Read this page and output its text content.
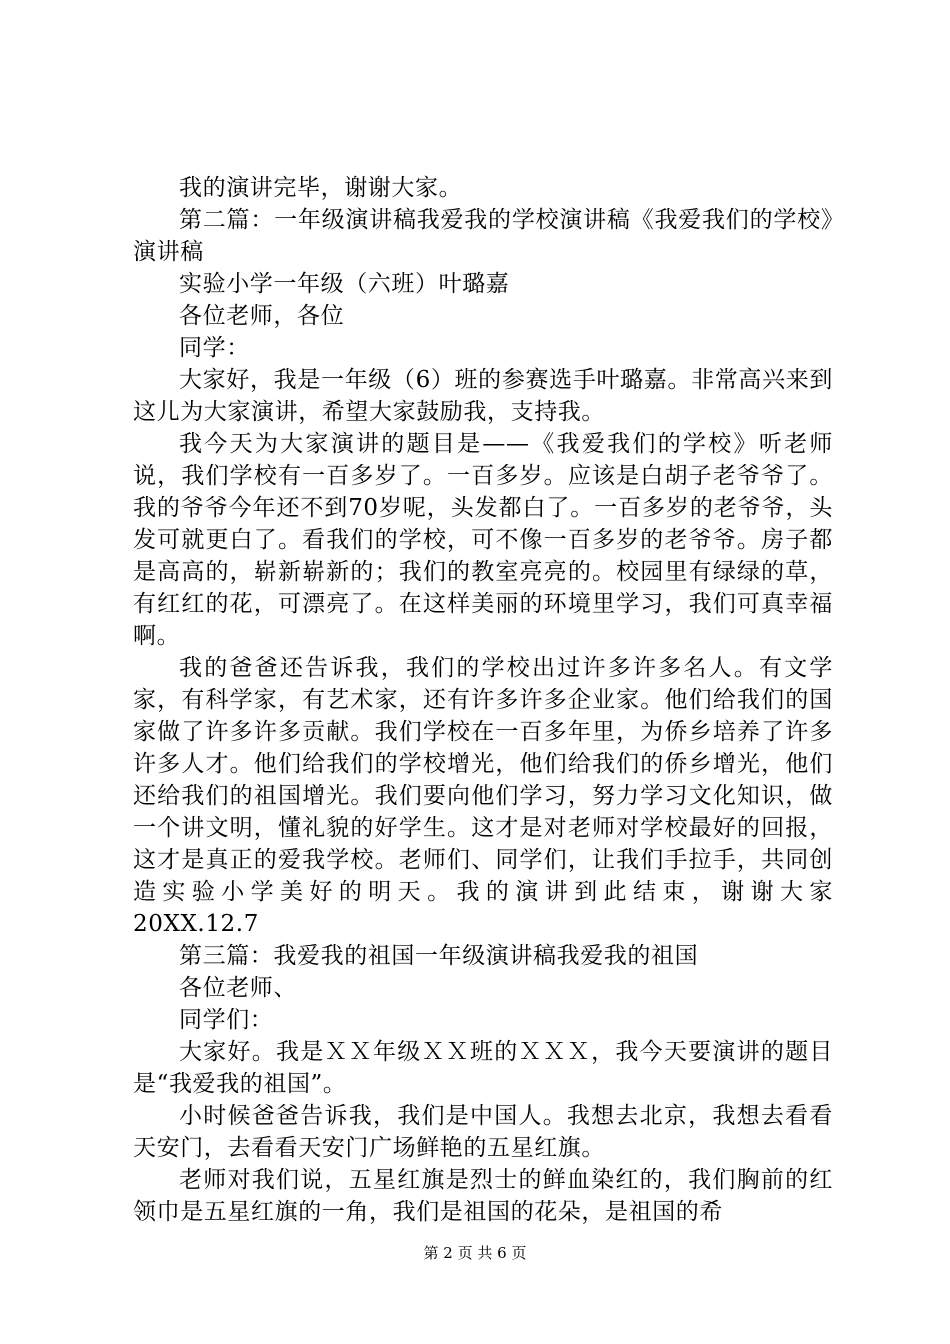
我的演讲完毕，谢谢大家。

第二篇：一年级演讲稿我爱我的学校演讲稿《我爱我们的学校》演讲稿

实验小学一年级（六班）叶璐嘉

各位老师，各位

同学：

大家好，我是一年级（6）班的参赛选手叶璐嘉。非常高兴来到这儿为大家演讲，希望大家鼓励我，支持我。

我今天为大家演讲的题目是——《我爱我们的学校》听老师说，我们学校有一百多岁了。一百多岁。应该是白胡子老爷爷了。我的爷爷今年还不到70岁呢，头发都白了。一百多岁的老爷爷，头发可就更白了。看我们的学校，可不像一百多岁的老爷爷。房子都是高高的，崭新崭新的；我们的教室亮亮的。校园里有绿绿的草，有红红的花，可漂亮了。在这样美丽的环境里学习，我们可真幸福啊。

我的爸爸还告诉我，我们的学校出过许多许多名人。有文学家，有科学家，有艺术家，还有许多许多企业家。他们给我们的国家做了许多许多贡献。我们学校在一百多年里，为侨乡培养了许多许多人才。他们给我们的学校增光，他们给我们的侨乡增光，他们还给我们的祖国增光。我们要向他们学习，努力学习文化知识，做一个讲文明，懂礼貌的好学生。这才是对老师对学校最好的回报，这才是真正的爱我学校。老师们、同学们，让我们手拉手，共同创造实验小学美好的明天。我的演讲到此结束，谢谢大家 20XX.12.7

第三篇：我爱我的祖国一年级演讲稿我爱我的祖国

各位老师、

同学们：

大家好。我是ＸＸ年级ＸＸ班的ＸＸＸ，我今天要演讲的题目是“我爱我的祖国”。

小时候爸爸告诉我，我们是中国人。我想去北京，我想去看看天安门，去看看天安门广场鲜艳的五星红旗。

老师对我们说，五星红旗是烈士的鲜血染红的，我们胸前的红领巾是五星红旗的一角，我们是祖国的花朵，是祖国的希

第 2 页 共 6 页
